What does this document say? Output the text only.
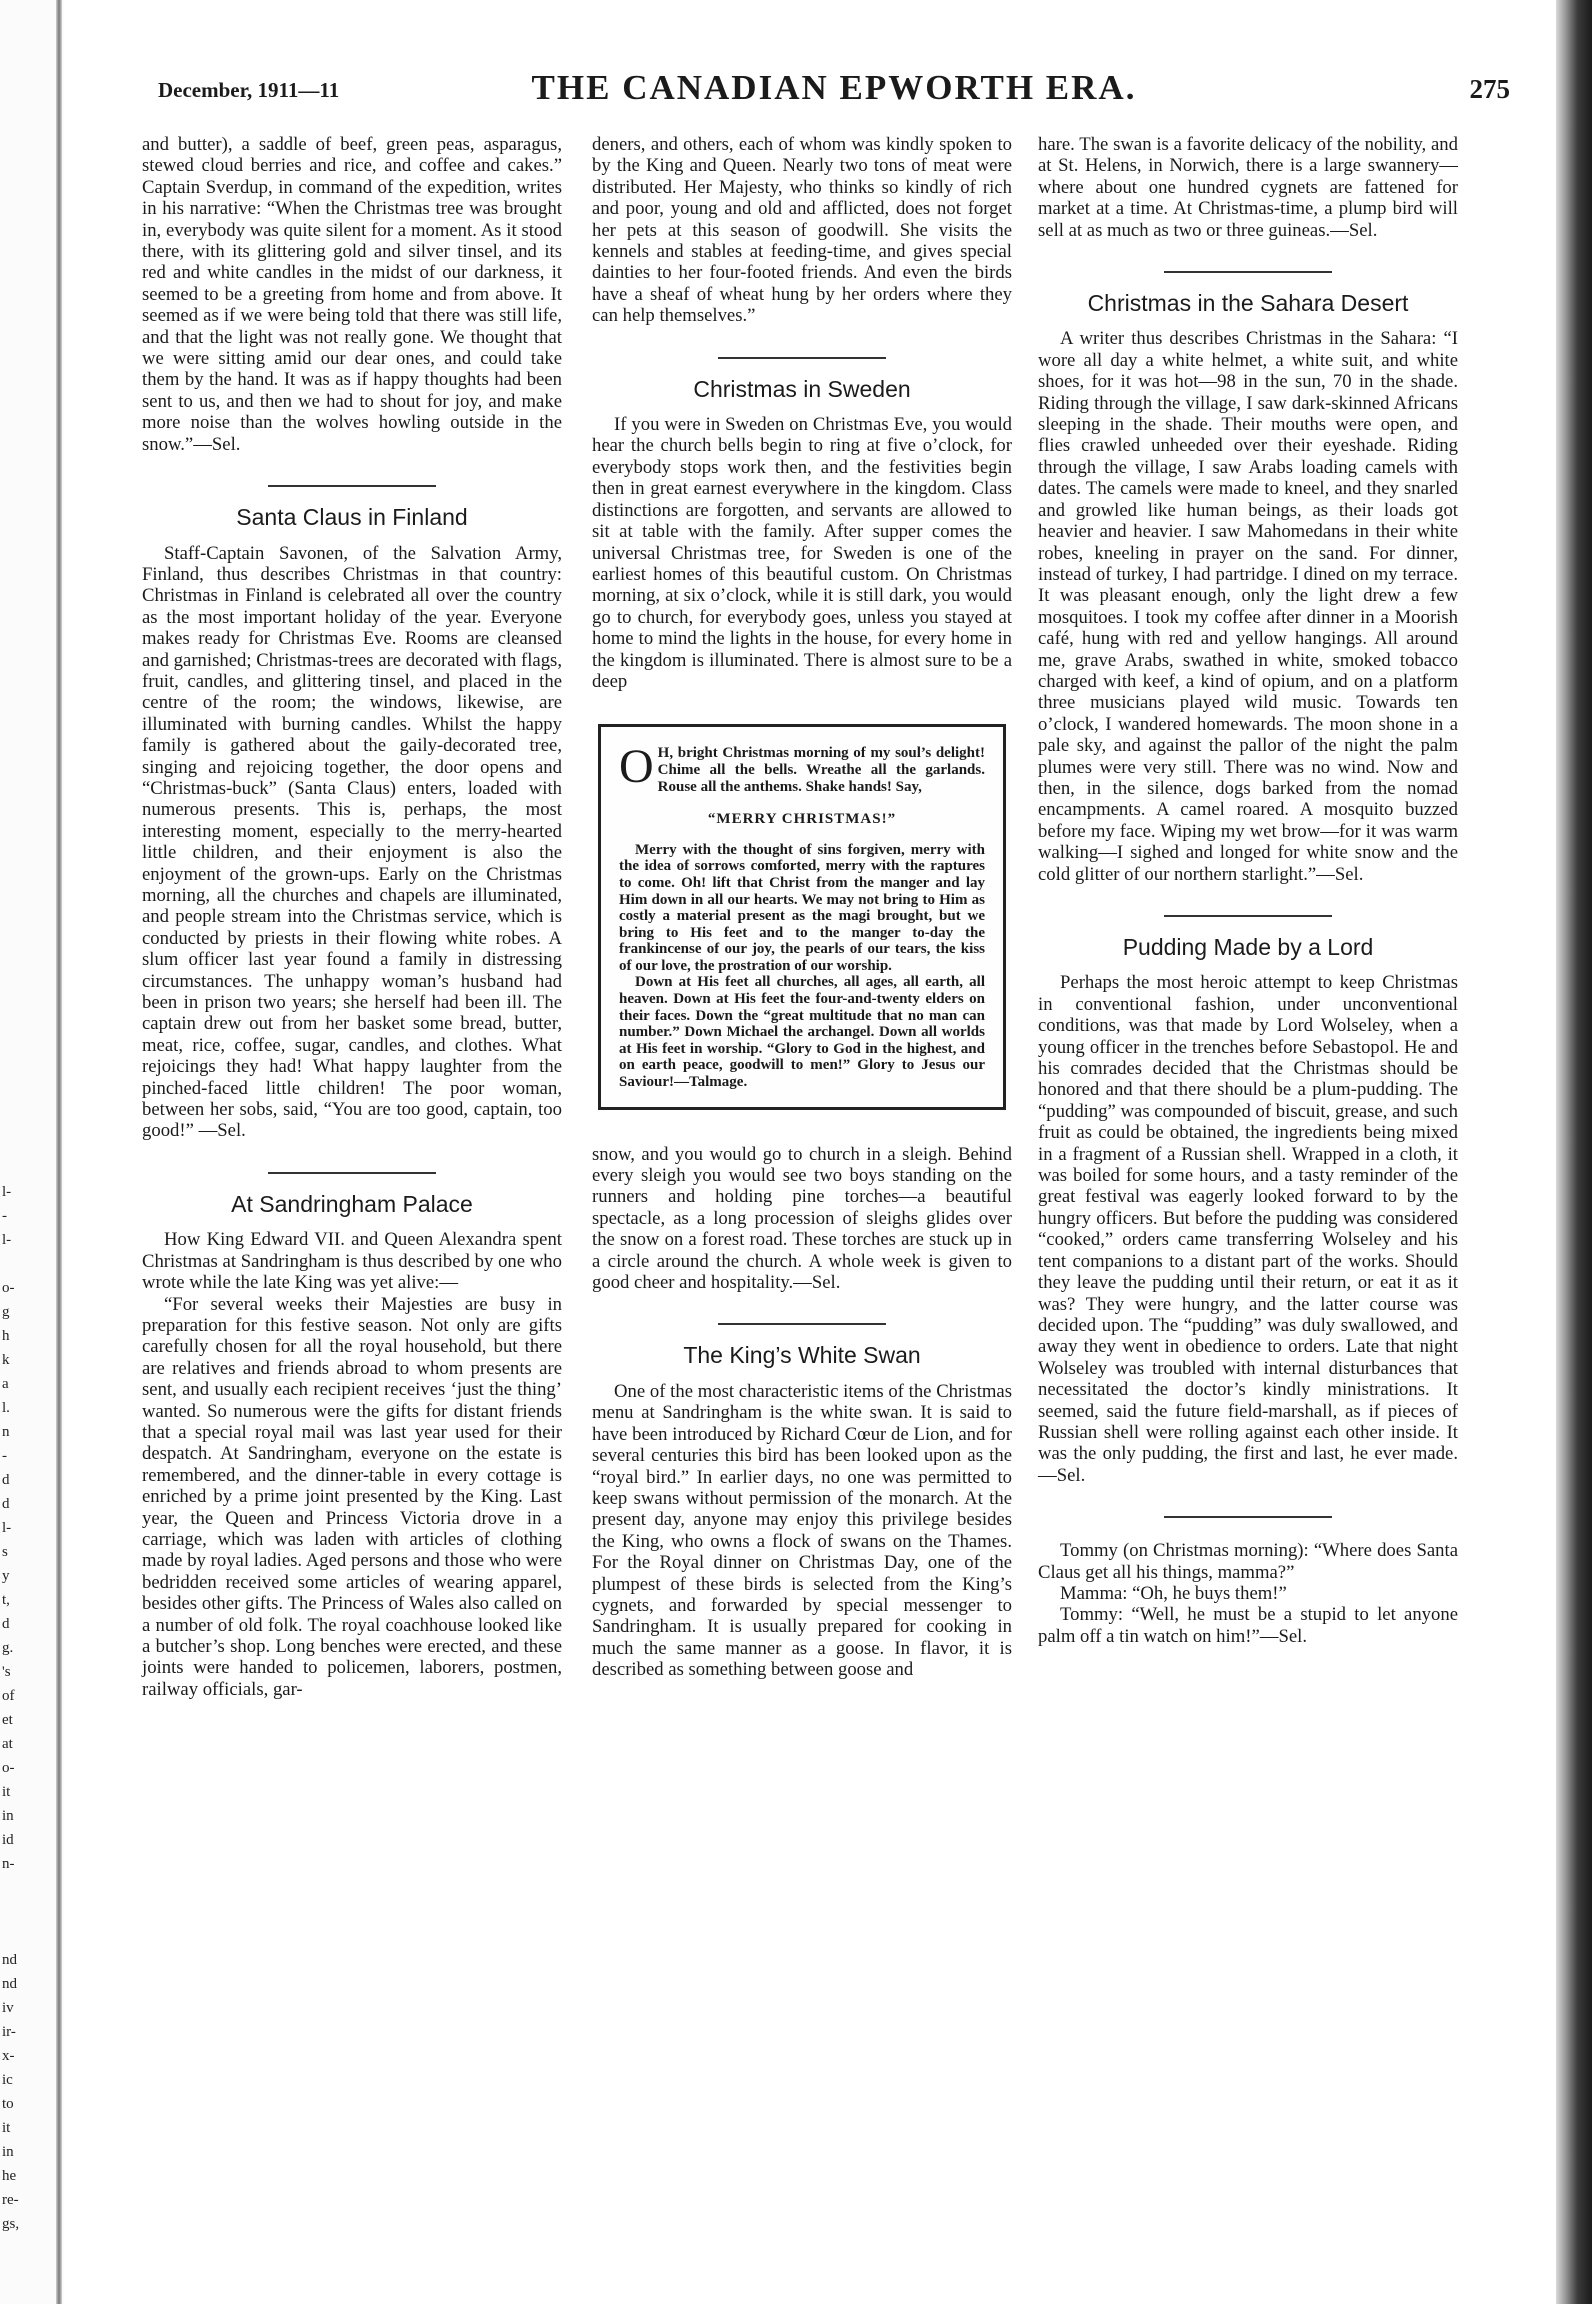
l-
-
l-

o-
g
h
k
a
l.
n
-
d
d
l-
s
y
t,
d
g.
's
of
et
at
o-
it
in
id
n-

nd
nd
iv
ir-
x-
ic
to
it
in
he
re-
gs,
December, 1911—11	THE CANADIAN EPWORTH ERA.	275

and butter), a saddle of beef, green peas, asparagus, stewed cloud berries and rice, and coffee and cakes.” Captain Sverdup, in command of the expedition, writes in his narrative: “When the Christmas tree was brought in, everybody was quite silent for a moment. As it stood there, with its glittering gold and silver tinsel, and its red and white candles in the midst of our darkness, it seemed to be a greeting from home and from above. It seemed as if we were being told that there was still life, and that the light was not really gone. We thought that we were sitting amid our dear ones, and could take them by the hand. It was as if happy thoughts had been sent to us, and then we had to shout for joy, and make more noise than the wolves howling outside in the snow.”—Sel.

Santa Claus in Finland

Staff-Captain Savonen, of the Salvation Army, Finland, thus describes Christmas in that country: Christmas in Finland is celebrated all over the country as the most important holiday of the year. Everyone makes ready for Christmas Eve. Rooms are cleansed and garnished; Christmas-trees are decorated with flags, fruit, candles, and glittering tinsel, and placed in the centre of the room; the windows, likewise, are illuminated with burning candles. Whilst the happy family is gathered about the gaily-decorated tree, singing and rejoicing together, the door opens and “Christmas-buck” (Santa Claus) enters, loaded with numerous presents. This is, perhaps, the most interesting moment, especially to the merry-hearted little children, and their enjoyment is also the enjoyment of the grown-ups. Early on the Christmas morning, all the churches and chapels are illuminated, and people stream into the Christmas service, which is conducted by priests in their flowing white robes. A slum officer last year found a family in distressing circumstances. The unhappy woman’s husband had been in prison two years; she herself had been ill. The captain drew out from her basket some bread, butter, meat, rice, coffee, sugar, candles, and clothes. What rejoicings they had! What happy laughter from the pinched-faced little children! The poor woman, between her sobs, said, “You are too good, captain, too good!” —Sel.

At Sandringham Palace

How King Edward VII. and Queen Alexandra spent Christmas at Sandringham is thus described by one who wrote while the late King was yet alive:—

“For several weeks their Majesties are busy in preparation for this festive season. Not only are gifts carefully chosen for all the royal household, but there are relatives and friends abroad to whom presents are sent, and usually each recipient receives ‘just the thing’ wanted. So numerous were the gifts for distant friends that a special royal mail was last year used for their despatch. At Sandringham, everyone on the estate is remembered, and the dinner-table in every cottage is enriched by a prime joint presented by the King. Last year, the Queen and Princess Victoria drove in a carriage, which was laden with articles of clothing made by royal ladies. Aged persons and those who were bedridden received some articles of wearing apparel, besides other gifts. The Princess of Wales also called on a number of old folk. The royal coachhouse looked like a butcher’s shop. Long benches were erected, and these joints were handed to policemen, laborers, postmen, railway officials, gar-

deners, and others, each of whom was kindly spoken to by the King and Queen. Nearly two tons of meat were distributed. Her Majesty, who thinks so kindly of rich and poor, young and old and afflicted, does not forget her pets at this season of goodwill. She visits the kennels and stables at feeding-time, and gives special dainties to her four-footed friends. And even the birds have a sheaf of wheat hung by her orders where they can help themselves.”

Christmas in Sweden

If you were in Sweden on Christmas Eve, you would hear the church bells begin to ring at five o’clock, for everybody stops work then, and the festivities begin then in great earnest everywhere in the kingdom. Class distinctions are forgotten, and servants are allowed to sit at table with the family. After supper comes the universal Christmas tree, for Sweden is one of the earliest homes of this beautiful custom. On Christmas morning, at six o’clock, while it is still dark, you would go to church, for everybody goes, unless you stayed at home to mind the lights in the house, for every home in the kingdom is illuminated. There is almost sure to be a deep

O H, bright Christmas morning of my soul’s delight! Chime all the bells. Wreathe all the garlands. Rouse all the anthems. Shake hands! Say,

“MERRY CHRISTMAS!”

Merry with the thought of sins forgiven, merry with the idea of sorrows comforted, merry with the raptures to come. Oh! lift that Christ from the manger and lay Him down in all our hearts. We may not bring to Him as costly a material present as the magi brought, but we bring to His feet and to the manger to-day the frankincense of our joy, the pearls of our tears, the kiss of our love, the prostration of our worship.

Down at His feet all churches, all ages, all earth, all heaven. Down at His feet the four-and-twenty elders on their faces. Down the “great multitude that no man can number.” Down Michael the archangel. Down all worlds at His feet in worship. “Glory to God in the highest, and on earth peace, goodwill to men!” Glory to Jesus our Saviour!—Talmage.

snow, and you would go to church in a sleigh. Behind every sleigh you would see two boys standing on the runners and holding pine torches—a beautiful spectacle, as a long procession of sleighs glides over the snow on a forest road. These torches are stuck up in a circle around the church. A whole week is given to good cheer and hospitality.—Sel.

The King’s White Swan

One of the most characteristic items of the Christmas menu at Sandringham is the white swan. It is said to have been introduced by Richard Cœur de Lion, and for several centuries this bird has been looked upon as the “royal bird.” In earlier days, no one was permitted to keep swans without permission of the monarch. At the present day, anyone may enjoy this privilege besides the King, who owns a flock of swans on the Thames. For the Royal dinner on Christmas Day, one of the plumpest of these birds is selected from the King’s cygnets, and forwarded by special messenger to Sandringham. It is usually prepared for cooking in much the same manner as a goose. In flavor, it is described as something between goose and

hare. The swan is a favorite delicacy of the nobility, and at St. Helens, in Norwich, there is a large swannery—where about one hundred cygnets are fattened for market at a time. At Christmas-time, a plump bird will sell at as much as two or three guineas.—Sel.

Christmas in the Sahara Desert

A writer thus describes Christmas in the Sahara: “I wore all day a white helmet, a white suit, and white shoes, for it was hot—98 in the sun, 70 in the shade. Riding through the village, I saw dark-skinned Africans sleeping in the shade. Their mouths were open, and flies crawled unheeded over their eyeshade. Riding through the village, I saw Arabs loading camels with dates. The camels were made to kneel, and they snarled and growled like human beings, as their loads got heavier and heavier. I saw Mahomedans in their white robes, kneeling in prayer on the sand. For dinner, instead of turkey, I had partridge. I dined on my terrace. It was pleasant enough, only the light drew a few mosquitoes. I took my coffee after dinner in a Moorish café, hung with red and yellow hangings. All around me, grave Arabs, swathed in white, smoked tobacco charged with keef, a kind of opium, and on a platform three musicians played wild music. Towards ten o’clock, I wandered homewards. The moon shone in a pale sky, and against the pallor of the night the palm plumes were very still. There was no wind. Now and then, in the silence, dogs barked from the nomad encampments. A camel roared. A mosquito buzzed before my face. Wiping my wet brow—for it was warm walking—I sighed and longed for white snow and the cold glitter of our northern starlight.”—Sel.

Pudding Made by a Lord

Perhaps the most heroic attempt to keep Christmas in conventional fashion, under unconventional conditions, was that made by Lord Wolseley, when a young officer in the trenches before Sebastopol. He and his comrades decided that the Christmas should be honored and that there should be a plum-pudding. The “pudding” was compounded of biscuit, grease, and such fruit as could be obtained, the ingredients being mixed in a fragment of a Russian shell. Wrapped in a cloth, it was boiled for some hours, and a tasty reminder of the great festival was eagerly looked forward to by the hungry officers. But before the pudding was considered “cooked,” orders came transferring Wolseley and his tent companions to a distant part of the works. Should they leave the pudding until their return, or eat it as it was? They were hungry, and the latter course was decided upon. The “pudding” was duly swallowed, and away they went in obedience to orders. Late that night Wolseley was troubled with internal disturbances that necessitated the doctor’s kindly ministrations. It seemed, said the future field-marshall, as if pieces of Russian shell were rolling against each other inside. It was the only pudding, the first and last, he ever made.—Sel.

Tommy (on Christmas morning): “Where does Santa Claus get all his things, mamma?”

Mamma: “Oh, he buys them!”

Tommy: “Well, he must be a stupid to let anyone palm off a tin watch on him!”—Sel.
